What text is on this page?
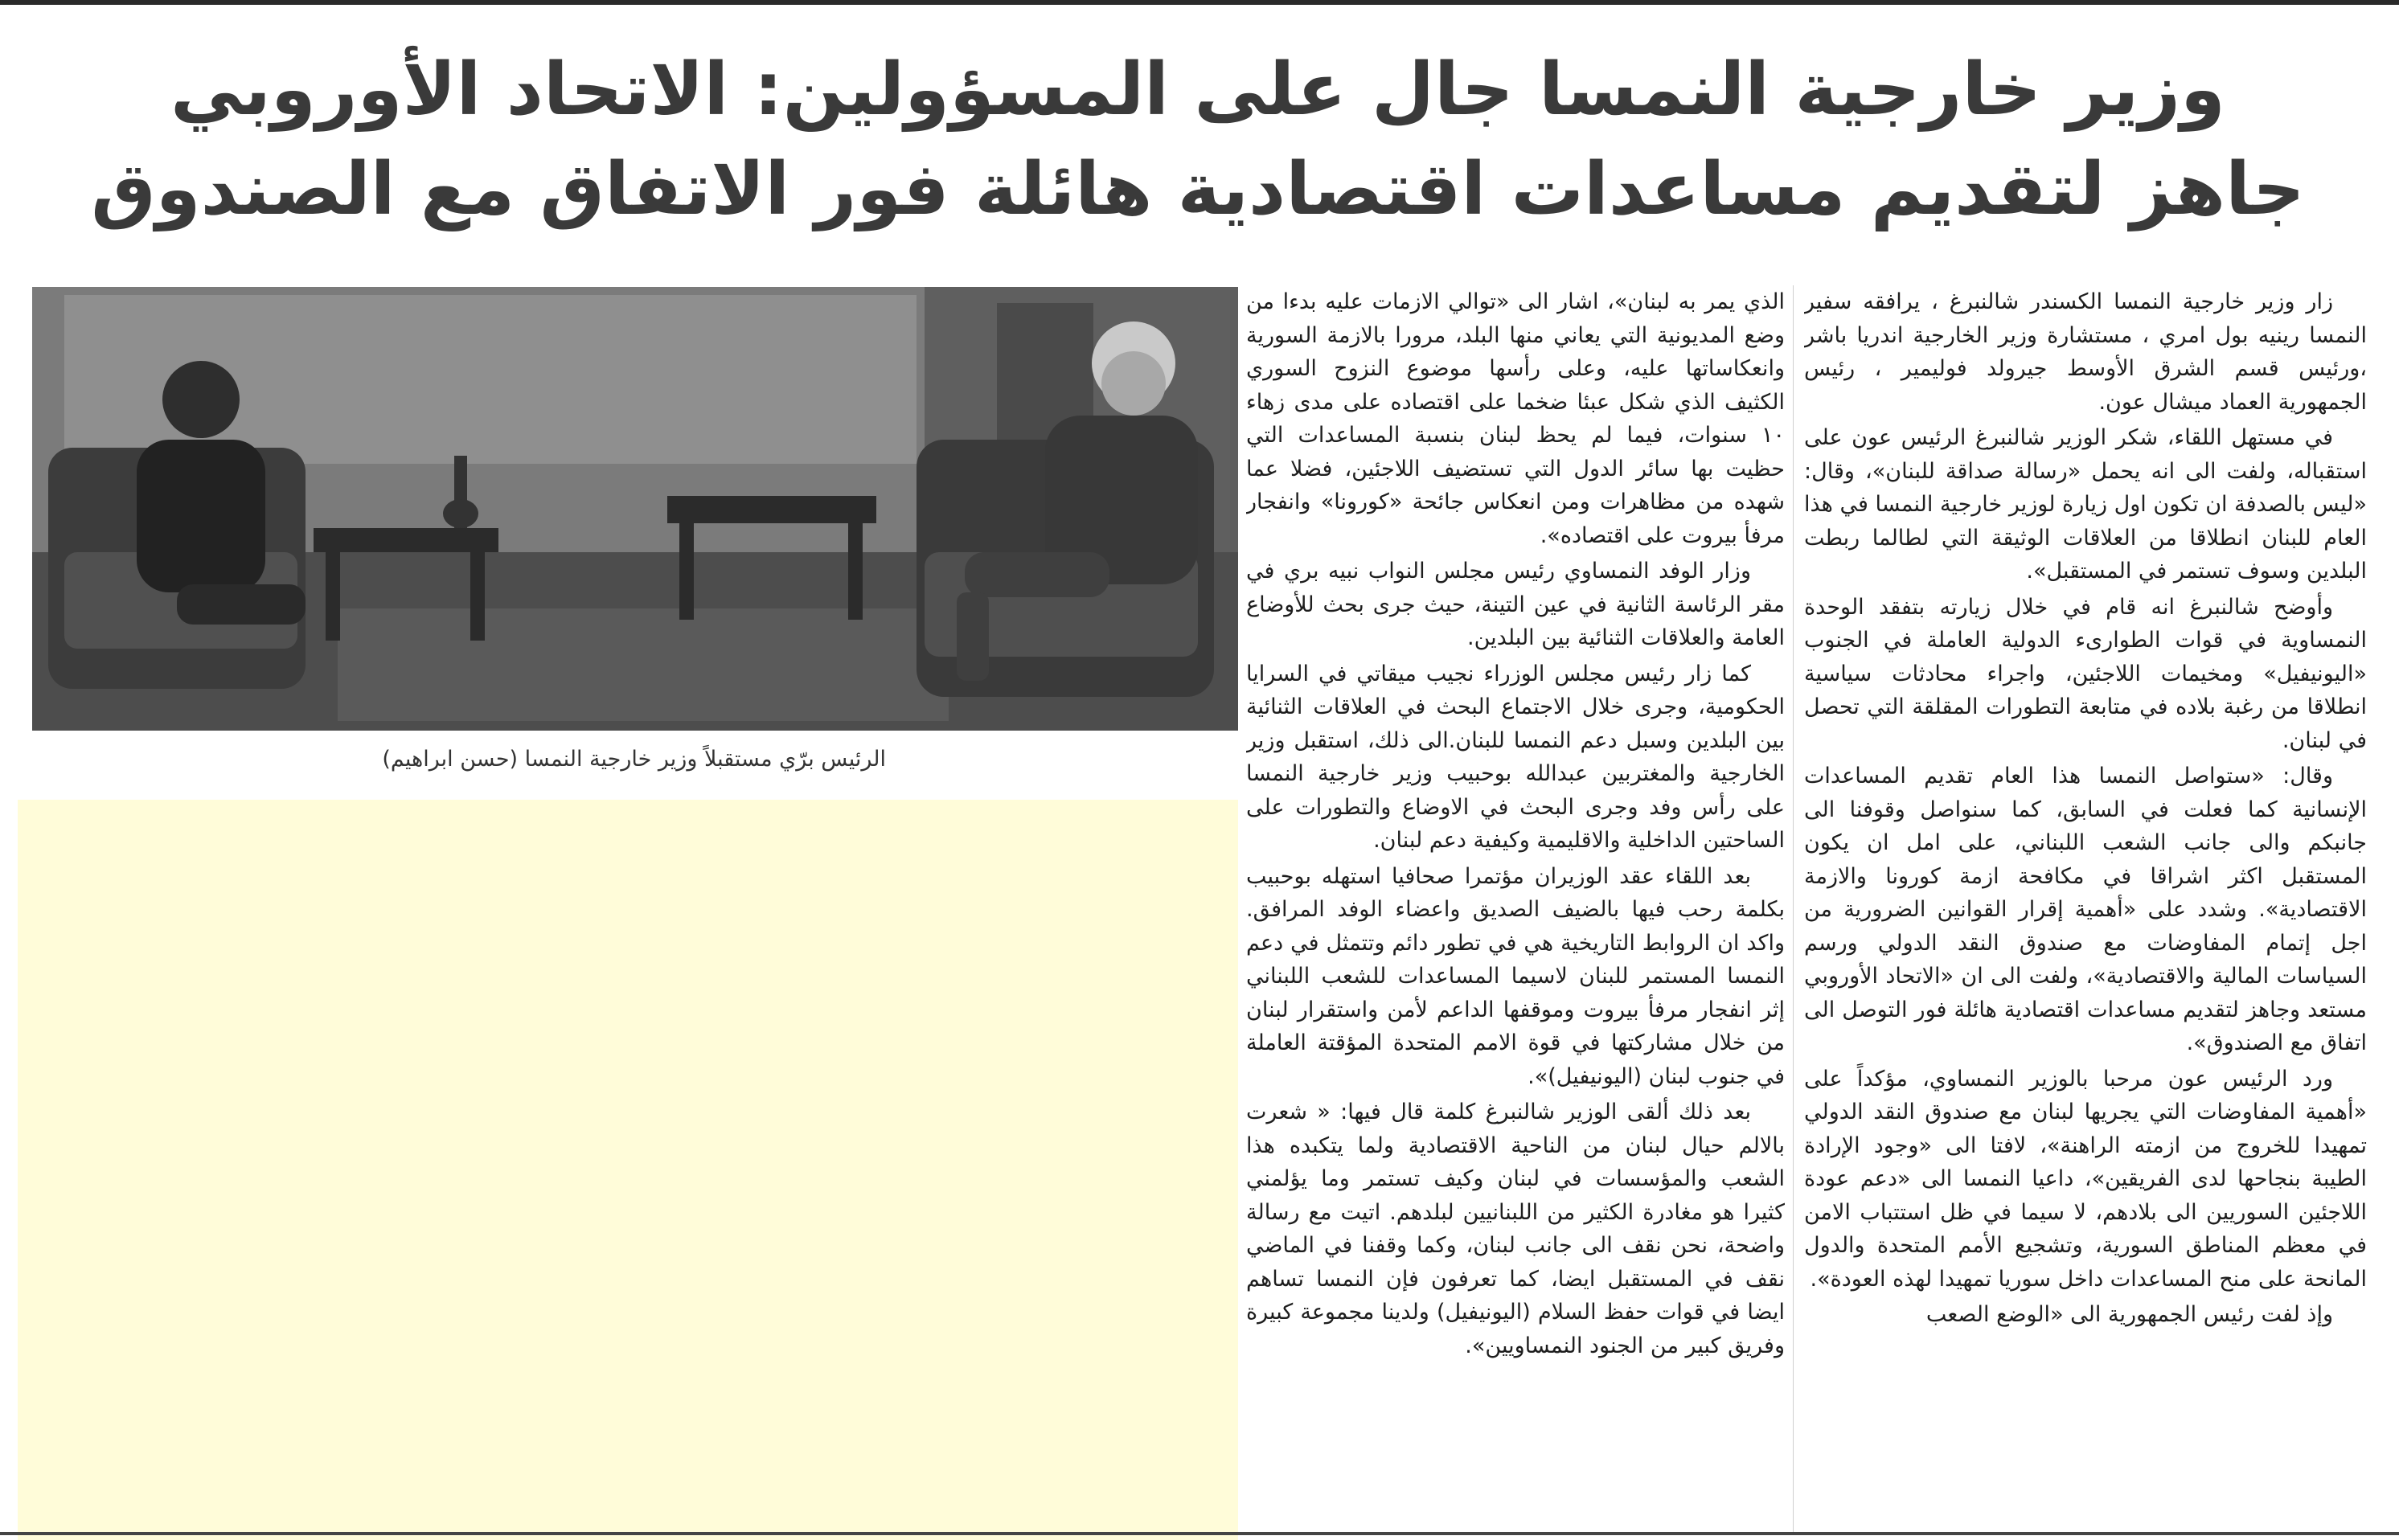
وزير خارجية النمسا جال على المسؤولين: الاتحاد الأوروبي
جاهز لتقديم مساعدات اقتصادية هائلة فور الاتفاق مع الصندوق
الرئيس برّي مستقبلاً وزير خارجية النمسا (حسن ابراهيم)

زار وزير خارجية النمسا الكسندر شالنبرغ ، يرافقه سفير النمسا رينيه بول امري ، مستشارة وزير الخارجية اندريا باشر ،ورئيس قسم الشرق الأوسط جيرولد فوليمير ، رئيس الجمهورية العماد ميشال عون.

في مستهل اللقاء، شكر الوزير شالنبرغ الرئيس عون على استقباله، ولفت الى انه يحمل «رسالة صداقة للبنان»، وقال: «ليس بالصدفة ان تكون اول زيارة لوزير خارجية النمسا في هذا العام للبنان انطلاقا من العلاقات الوثيقة التي لطالما ربطت البلدين وسوف تستمر في المستقبل».

وأوضح شالنبرغ انه قام في خلال زيارته بتفقد الوحدة النمساوية في قوات الطوارىء الدولية العاملة في الجنوب «اليونيفيل» ومخيمات اللاجئين، واجراء محادثات سياسية انطلاقا من رغبة بلاده في متابعة التطورات المقلقة التي تحصل في لبنان.

وقال: «ستواصل النمسا هذا العام تقديم المساعدات الإنسانية كما فعلت في السابق، كما سنواصل وقوفنا الى جانبكم والى جانب الشعب اللبناني، على امل ان يكون المستقبل اكثر اشراقا في مكافحة ازمة كورونا والازمة الاقتصادية». وشدد على «أهمية إقرار القوانين الضرورية من اجل إتمام المفاوضات مع صندوق النقد الدولي ورسم السياسات المالية والاقتصادية»، ولفت الى ان «الاتحاد الأوروبي مستعد وجاهز لتقديم مساعدات اقتصادية هائلة فور التوصل الى اتفاق مع الصندوق».

ورد الرئيس عون مرحبا بالوزير النمساوي، مؤكداً على «أهمية المفاوضات التي يجريها لبنان مع صندوق النقد الدولي تمهيدا للخروج من ازمته الراهنة»، لافتا الى «وجود الإرادة الطيبة بنجاحها لدى الفريقين»، داعيا النمسا الى «دعم عودة اللاجئين السوريين الى بلادهم، لا سيما في ظل استتباب الامن في معظم المناطق السورية، وتشجيع الأمم المتحدة والدول المانحة على منح المساعدات داخل سوريا تمهيدا لهذه العودة».

وإذ لفت رئيس الجمهورية الى «الوضع الصعب

الذي يمر به لبنان»، اشار الى «توالي الازمات عليه بدءا من وضع المديونية التي يعاني منها البلد، مرورا بالازمة السورية وانعكاساتها عليه، وعلى رأسها موضوع النزوح السوري الكثيف الذي شكل عبئا ضخما على اقتصاده على مدى زهاء ١٠ سنوات، فيما لم يحظ لبنان بنسبة المساعدات التي حظيت بها سائر الدول التي تستضيف اللاجئين، فضلا عما شهده من مظاهرات ومن انعكاس جائحة «كورونا» وانفجار مرفأ بيروت على اقتصاده».

وزار الوفد النمساوي رئيس مجلس النواب نبيه بري في مقر الرئاسة الثانية في عين التينة، حيث جرى بحث للأوضاع العامة والعلاقات الثنائية بين البلدين.

كما زار رئيس مجلس الوزراء نجيب ميقاتي في السرايا الحكومية، وجرى خلال الاجتماع البحث في العلاقات الثنائية بين البلدين وسبل دعم النمسا للبنان.الى ذلك، استقبل وزير الخارجية والمغتربين عبدالله بوحبيب وزير خارجية النمسا على رأس وفد وجرى البحث في الاوضاع والتطورات على الساحتين الداخلية والاقليمية وكيفية دعم لبنان.

بعد اللقاء عقد الوزيران مؤتمرا صحافيا استهله بوحبيب بكلمة رحب فيها بالضيف الصديق واعضاء الوفد المرافق. واكد ان الروابط التاريخية هي في تطور دائم وتتمثل في دعم النمسا المستمر للبنان لاسيما المساعدات للشعب اللبناني إثر انفجار مرفأ بيروت وموقفها الداعم لأمن واستقرار لبنان من خلال مشاركتها في قوة الامم المتحدة المؤقتة العاملة في جنوب لبنان (اليونيفيل)».

بعد ذلك ألقى الوزير شالنبرغ كلمة قال فيها: « شعرت بالالم حيال لبنان من الناحية الاقتصادية ولما يتكبده هذا الشعب والمؤسسات في لبنان وكيف تستمر وما يؤلمني كثيرا هو مغادرة الكثير من اللبنانيين لبلدهم. اتيت مع رسالة واضحة، نحن نقف الى جانب لبنان، وكما وقفنا في الماضي نقف في المستقبل ايضا، كما تعرفون فإن النمسا تساهم ايضا في قوات حفظ السلام (اليونيفيل) ولدينا مجموعة كبيرة وفريق كبير من الجنود النمساويين».
